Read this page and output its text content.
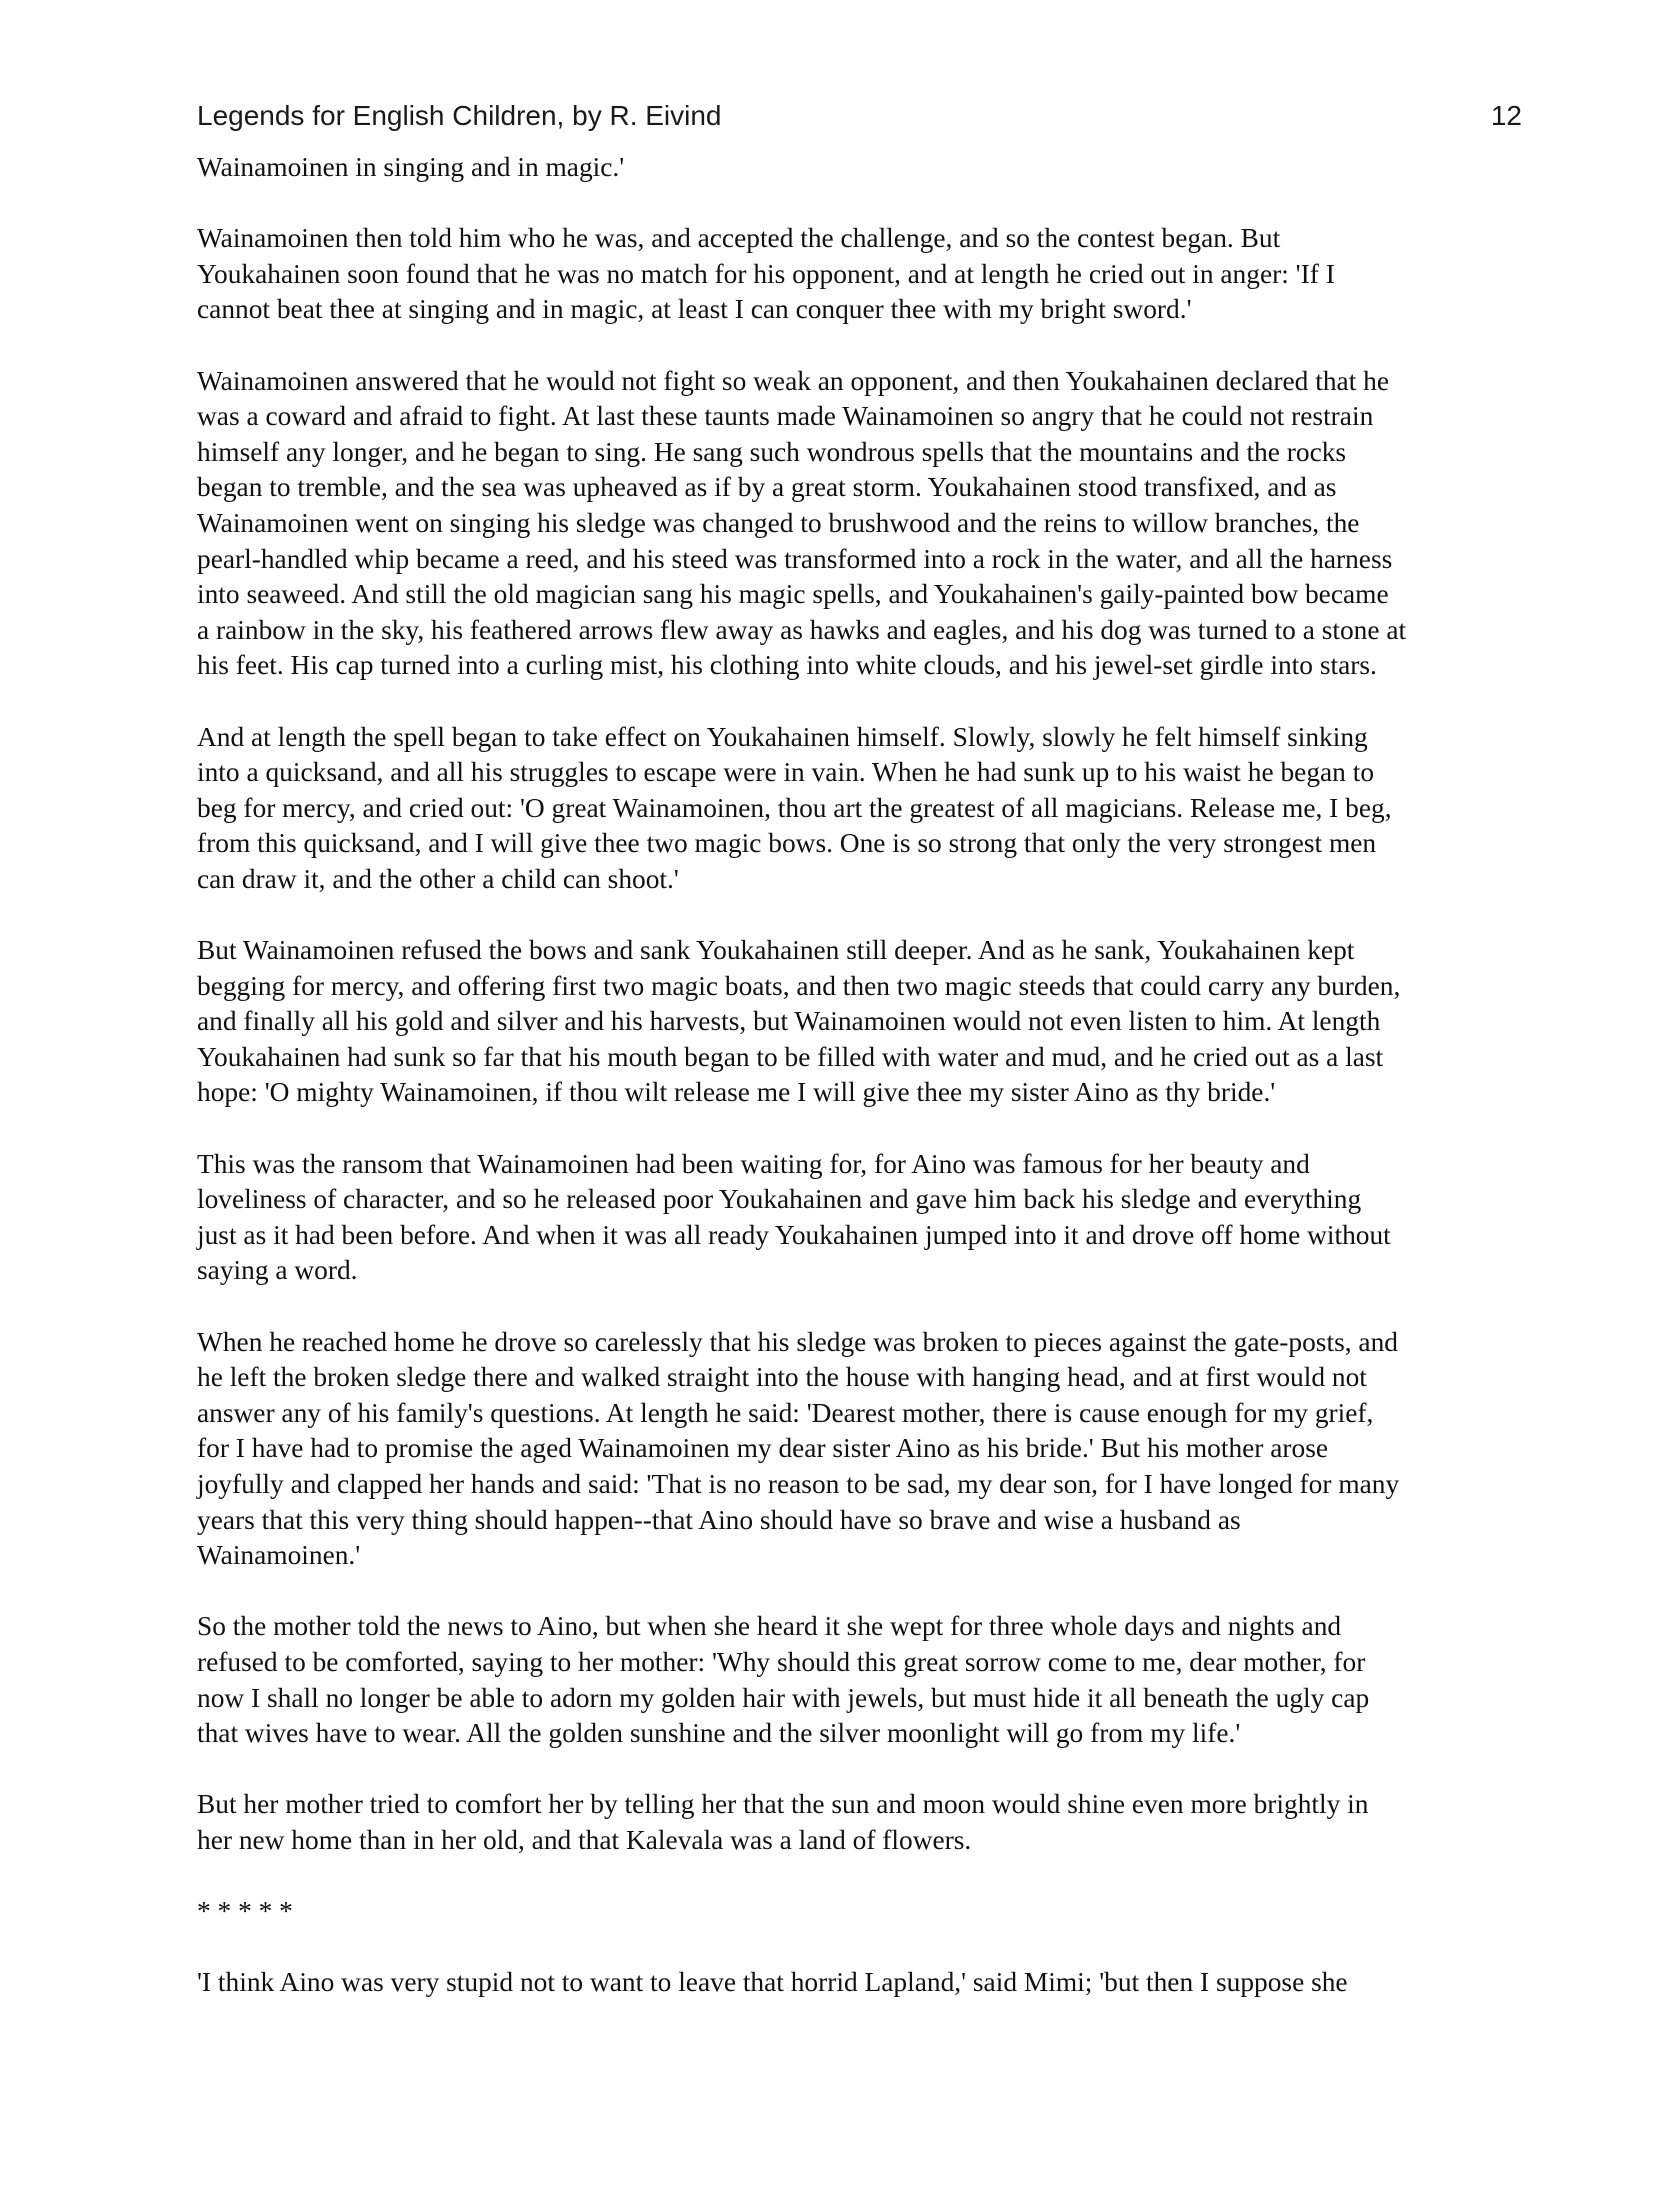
Legends for English Children, by R. Eivind	12

Wainamoinen in singing and in magic.'

Wainamoinen then told him who he was, and accepted the challenge, and so the contest began. But
Youkahainen soon found that he was no match for his opponent, and at length he cried out in anger: 'If I
cannot beat thee at singing and in magic, at least I can conquer thee with my bright sword.'

Wainamoinen answered that he would not fight so weak an opponent, and then Youkahainen declared that he
was a coward and afraid to fight. At last these taunts made Wainamoinen so angry that he could not restrain
himself any longer, and he began to sing. He sang such wondrous spells that the mountains and the rocks
began to tremble, and the sea was upheaved as if by a great storm. Youkahainen stood transfixed, and as
Wainamoinen went on singing his sledge was changed to brushwood and the reins to willow branches, the
pearl-handled whip became a reed, and his steed was transformed into a rock in the water, and all the harness
into seaweed. And still the old magician sang his magic spells, and Youkahainen's gaily-painted bow became
a rainbow in the sky, his feathered arrows flew away as hawks and eagles, and his dog was turned to a stone at
his feet. His cap turned into a curling mist, his clothing into white clouds, and his jewel-set girdle into stars.

And at length the spell began to take effect on Youkahainen himself. Slowly, slowly he felt himself sinking
into a quicksand, and all his struggles to escape were in vain. When he had sunk up to his waist he began to
beg for mercy, and cried out: 'O great Wainamoinen, thou art the greatest of all magicians. Release me, I beg,
from this quicksand, and I will give thee two magic bows. One is so strong that only the very strongest men
can draw it, and the other a child can shoot.'

But Wainamoinen refused the bows and sank Youkahainen still deeper. And as he sank, Youkahainen kept
begging for mercy, and offering first two magic boats, and then two magic steeds that could carry any burden,
and finally all his gold and silver and his harvests, but Wainamoinen would not even listen to him. At length
Youkahainen had sunk so far that his mouth began to be filled with water and mud, and he cried out as a last
hope: 'O mighty Wainamoinen, if thou wilt release me I will give thee my sister Aino as thy bride.'

This was the ransom that Wainamoinen had been waiting for, for Aino was famous for her beauty and
loveliness of character, and so he released poor Youkahainen and gave him back his sledge and everything
just as it had been before. And when it was all ready Youkahainen jumped into it and drove off home without
saying a word.

When he reached home he drove so carelessly that his sledge was broken to pieces against the gate-posts, and
he left the broken sledge there and walked straight into the house with hanging head, and at first would not
answer any of his family's questions. At length he said: 'Dearest mother, there is cause enough for my grief,
for I have had to promise the aged Wainamoinen my dear sister Aino as his bride.' But his mother arose
joyfully and clapped her hands and said: 'That is no reason to be sad, my dear son, for I have longed for many
years that this very thing should happen--that Aino should have so brave and wise a husband as
Wainamoinen.'

So the mother told the news to Aino, but when she heard it she wept for three whole days and nights and
refused to be comforted, saying to her mother: 'Why should this great sorrow come to me, dear mother, for
now I shall no longer be able to adorn my golden hair with jewels, but must hide it all beneath the ugly cap
that wives have to wear. All the golden sunshine and the silver moonlight will go from my life.'

But her mother tried to comfort her by telling her that the sun and moon would shine even more brightly in
her new home than in her old, and that Kalevala was a land of flowers.

* * * * *

'I think Aino was very stupid not to want to leave that horrid Lapland,' said Mimi; 'but then I suppose she
